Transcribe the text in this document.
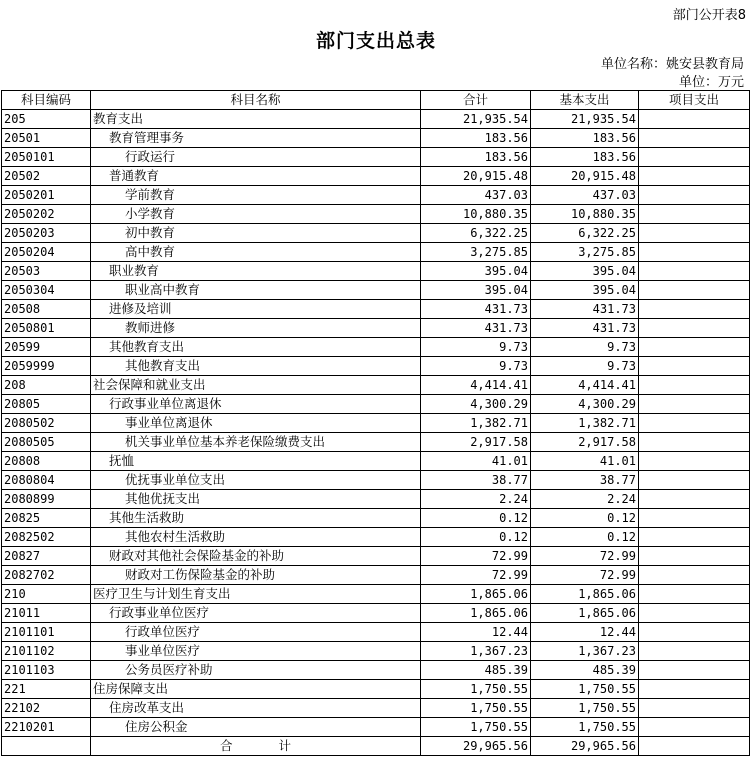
部门公开表8
部门支出总表
单位名称：姚安县教育局
单位：万元
科目编码	科目名称	合计	基本支出	项目支出
205	教育支出	21,935.54	21,935.54	
20501	教育管理事务	183.56	183.56	
2050101	行政运行	183.56	183.56	
20502	普通教育	20,915.48	20,915.48	
2050201	学前教育	437.03	437.03	
2050202	小学教育	10,880.35	10,880.35	
2050203	初中教育	6,322.25	6,322.25	
2050204	高中教育	3,275.85	3,275.85	
20503	职业教育	395.04	395.04	
2050304	职业高中教育	395.04	395.04	
20508	进修及培训	431.73	431.73	
2050801	教师进修	431.73	431.73	
20599	其他教育支出	9.73	9.73	
2059999	其他教育支出	9.73	9.73	
208	社会保障和就业支出	4,414.41	4,414.41	
20805	行政事业单位离退休	4,300.29	4,300.29	
2080502	事业单位离退休	1,382.71	1,382.71	
2080505	机关事业单位基本养老保险缴费支出	2,917.58	2,917.58	
20808	抚恤	41.01	41.01	
2080804	优抚事业单位支出	38.77	38.77	
2080899	其他优抚支出	2.24	2.24	
20825	其他生活救助	0.12	0.12	
2082502	其他农村生活救助	0.12	0.12	
20827	财政对其他社会保险基金的补助	72.99	72.99	
2082702	财政对工伤保险基金的补助	72.99	72.99	
210	医疗卫生与计划生育支出	1,865.06	1,865.06	
21011	行政事业单位医疗	1,865.06	1,865.06	
2101101	行政单位医疗	12.44	12.44	
2101102	事业单位医疗	1,367.23	1,367.23	
2101103	公务员医疗补助	485.39	485.39	
221	住房保障支出	1,750.55	1,750.55	
22102	住房改革支出	1,750.55	1,750.55	
2210201	住房公积金	1,750.55	1,750.55	
	合 计	29,965.56	29,965.56	
